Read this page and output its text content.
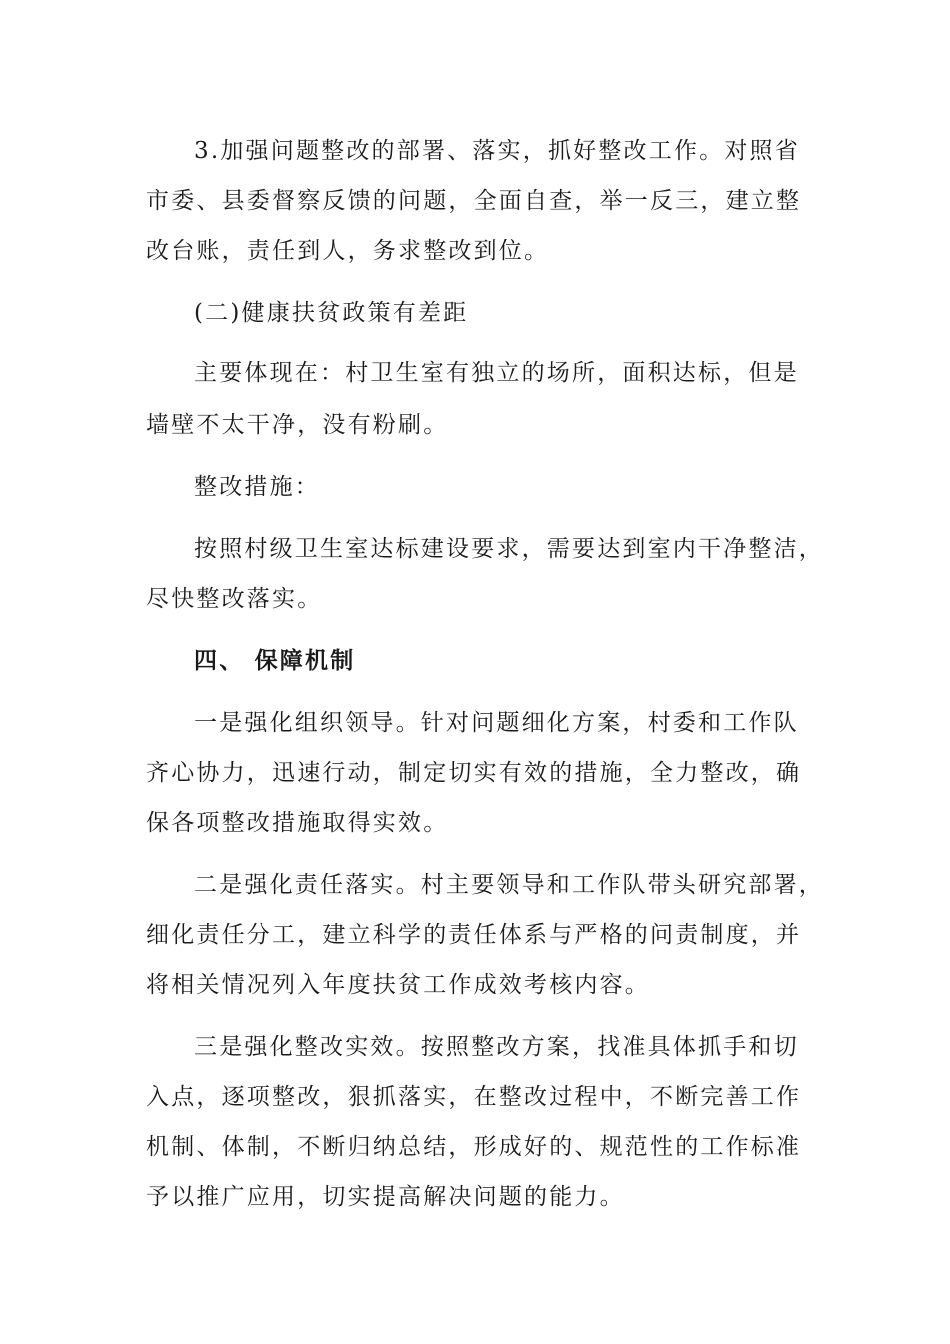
3.加强问题整改的部署、落实，抓好整改工作。对照省

市委、县委督察反馈的问题，全面自查，举一反三，建立整

改台账，责任到人，务求整改到位。

(二)健康扶贫政策有差距

主要体现在：村卫生室有独立的场所，面积达标，但是

墙壁不太干净，没有粉刷。

整改措施：

按照村级卫生室达标建设要求，需要达到室内干净整洁，

尽快整改落实。

四、 保障机制

一是强化组织领导。针对问题细化方案，村委和工作队

齐心协力，迅速行动，制定切实有效的措施，全力整改，确

保各项整改措施取得实效。

二是强化责任落实。村主要领导和工作队带头研究部署，

细化责任分工，建立科学的责任体系与严格的问责制度，并

将相关情况列入年度扶贫工作成效考核内容。

三是强化整改实效。按照整改方案，找准具体抓手和切

入点，逐项整改，狠抓落实，在整改过程中，不断完善工作

机制、体制，不断归纳总结，形成好的、规范性的工作标准

予以推广应用，切实提高解决问题的能力。
